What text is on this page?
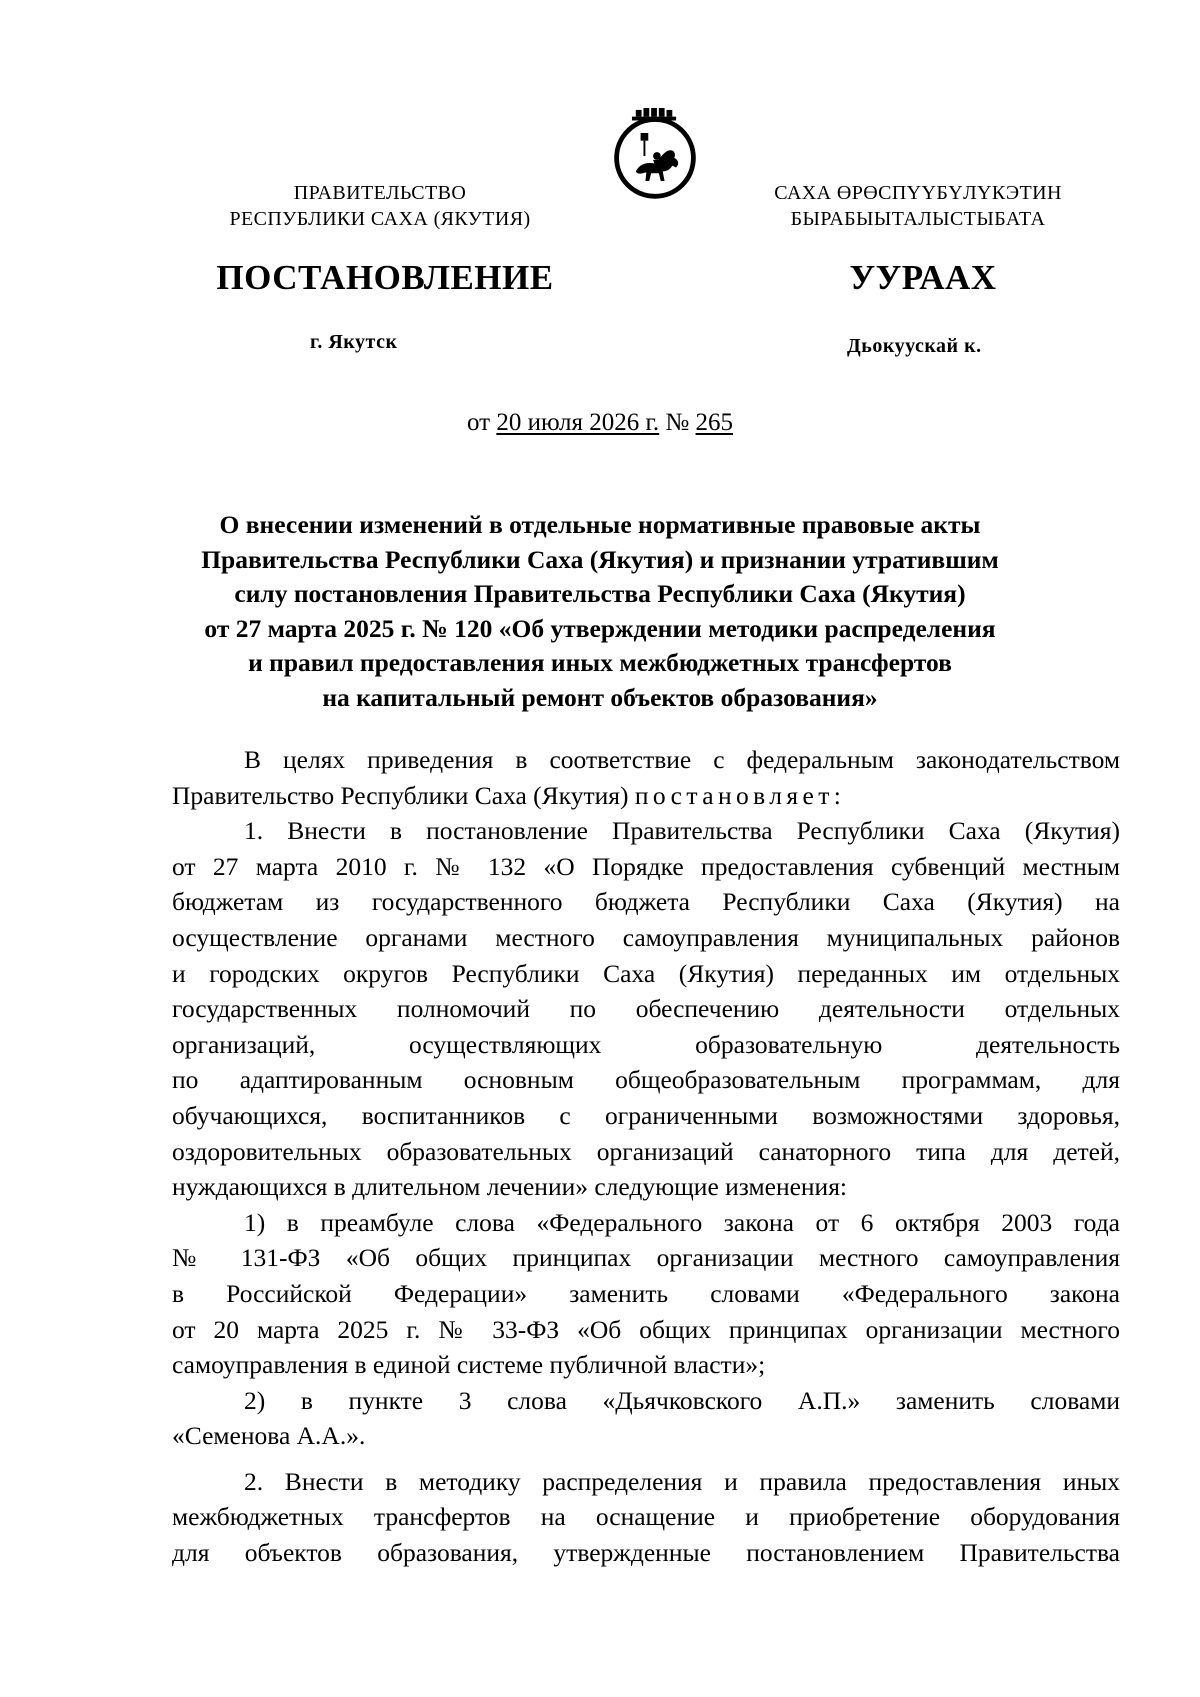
ПРАВИТЕЛЬСТВО
РЕСПУБЛИКИ САХА (ЯКУТИЯ)
САХА ӨРӨСПҮҮБҮЛҮКЭТИН
БЫРАБЫЫТАЛЫСТЫБАТА
ПОСТАНОВЛЕНИЕ	УУРААХ
г. Якутск	Дьокуускай к.
от 20 июля 2026 г. № 265
О внесении изменений в отдельные нормативные правовые акты
Правительства Республики Саха (Якутия) и признании утратившим
силу постановления Правительства Республики Саха (Якутия)
от 27 марта 2025 г. № 120 «Об утверждении методики распределения
и правил предоставления иных межбюджетных трансфертов
на капитальный ремонт объектов образования»
В целях приведения в соответствие с федеральным законодательством
Правительство Республики Саха (Якутия) постановляет:
1. Внести в постановление Правительства Республики Саха (Якутия)
от 27 марта 2010 г. № 132 «О Порядке предоставления субвенций местным
бюджетам из государственного бюджета Республики Саха (Якутия) на
осуществление органами местного самоуправления муниципальных районов
и городских округов Республики Саха (Якутия) переданных им отдельных
государственных полномочий по обеспечению деятельности отдельных
организаций, осуществляющих образовательную деятельность
по адаптированным основным общеобразовательным программам, для
обучающихся, воспитанников с ограниченными возможностями здоровья,
оздоровительных образовательных организаций санаторного типа для детей,
нуждающихся в длительном лечении» следующие изменения:
1) в преамбуле слова «Федерального закона от 6 октября 2003 года
№ 131-ФЗ «Об общих принципах организации местного самоуправления
в Российской Федерации» заменить словами «Федерального закона
от 20 марта 2025 г. № 33-ФЗ «Об общих принципах организации местного
самоуправления в единой системе публичной власти»;
2) в пункте 3 слова «Дьячковского А.П.» заменить словами
«Семенова А.А.».
2. Внести в методику распределения и правила предоставления иных
межбюджетных трансфертов на оснащение и приобретение оборудования
для объектов образования, утвержденные постановлением Правительства
